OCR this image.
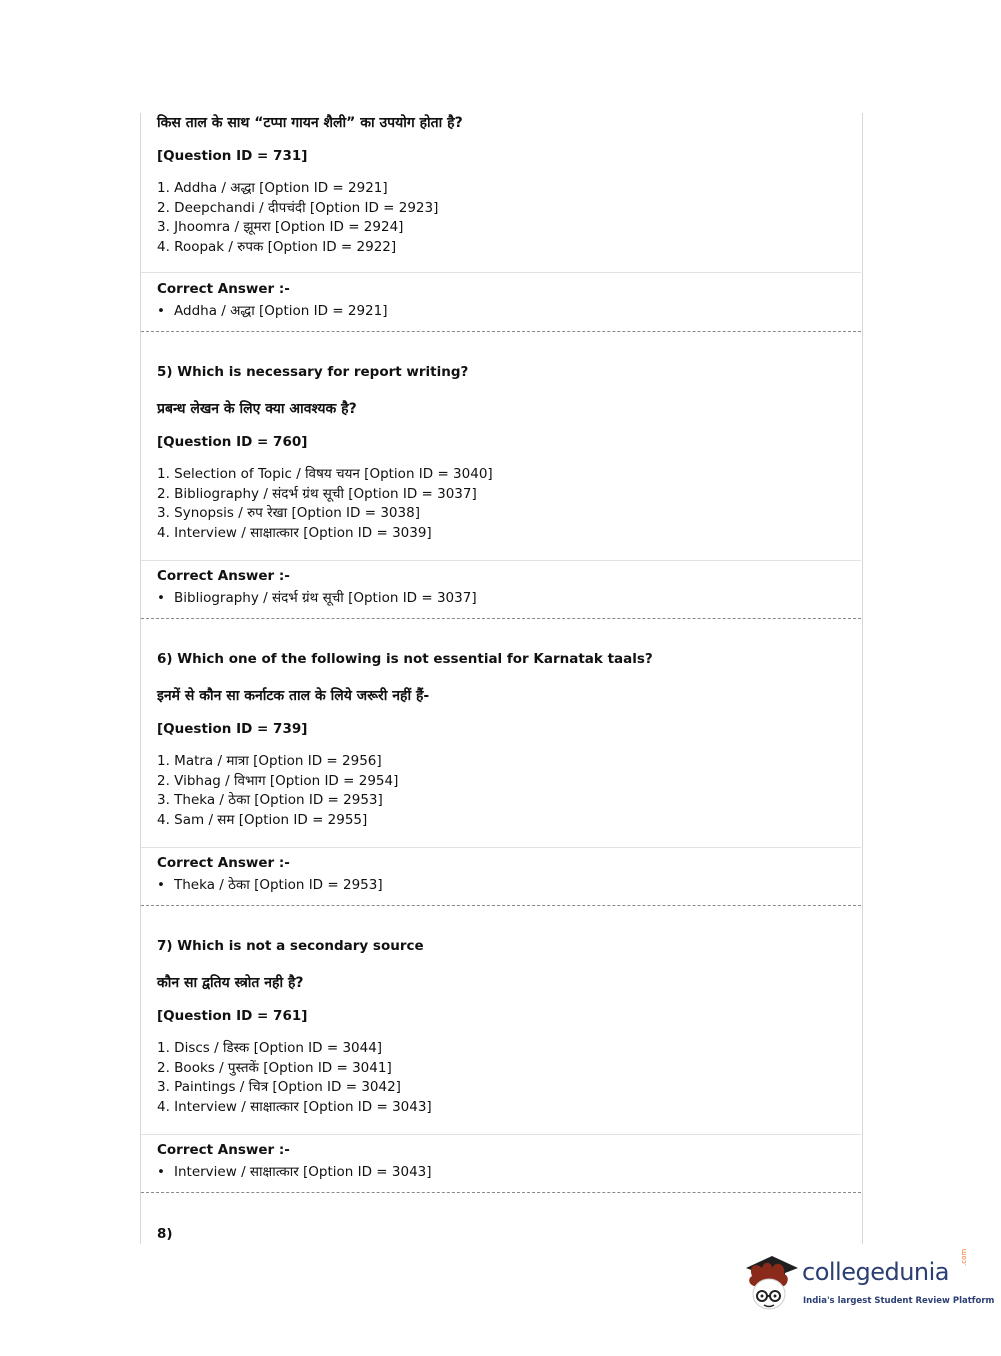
किस ताल के साथ “टप्पा गायन शैली” का उपयोग होता है?

[Question ID = 731]

1. Addha / अद्धा [Option ID = 2921]
2. Deepchandi / दीपचंदी [Option ID = 2923]
3. Jhoomra / झूमरा [Option ID = 2924]
4. Roopak / रुपक [Option ID = 2922]

Correct Answer :-

• Addha / अद्धा [Option ID = 2921]

5) Which is necessary for report writing?

प्रबन्ध लेखन के लिए क्या आवश्यक है?

[Question ID = 760]

1. Selection of Topic / विषय चयन [Option ID = 3040]
2. Bibliography / संदर्भ ग्रंथ सूची [Option ID = 3037]
3. Synopsis / रुप रेखा [Option ID = 3038]
4. Interview / साक्षात्कार [Option ID = 3039]

Correct Answer :-

• Bibliography / संदर्भ ग्रंथ सूची [Option ID = 3037]

6) Which one of the following is not essential for Karnatak taals?

इनमें से कौन सा कर्नाटक ताल के लिये जरूरी नहीं हैं-

[Question ID = 739]

1. Matra / मात्रा [Option ID = 2956]
2. Vibhag / विभाग [Option ID = 2954]
3. Theka / ठेका [Option ID = 2953]
4. Sam / सम [Option ID = 2955]

Correct Answer :-

• Theka / ठेका [Option ID = 2953]

7) Which is not a secondary source

कौन सा द्वतिय स्त्रोत नही है?

[Question ID = 761]

1. Discs / डिस्क [Option ID = 3044]
2. Books / पुस्तकें [Option ID = 3041]
3. Paintings / चित्र [Option ID = 3042]
4. Interview / साक्षात्कार [Option ID = 3043]

Correct Answer :-

• Interview / साक्षात्कार [Option ID = 3043]

8)

collegedunia
.com
India's largest Student Review Platform
